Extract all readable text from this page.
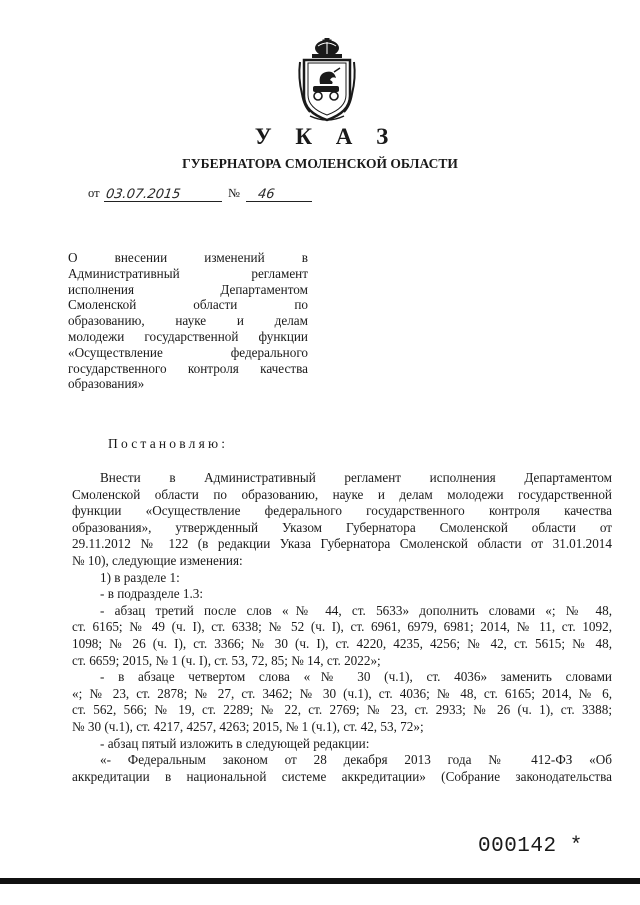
У К А З
ГУБЕРНАТОРА СМОЛЕНСКОЙ ОБЛАСТИ
от 03.07.2015	№ 46
О внесении изменений в
Административный регламент
исполнения Департаментом
Смоленской области по
образованию, науке и делам
молодежи государственной функции
«Осуществление федерального
государственного контроля качества
образования»
Постановляю:
Внести в Административный регламент исполнения Департаментом
Смоленской области по образованию, науке и делам молодежи государственной
функции «Осуществление федерального государственного контроля качества
образования», утвержденный Указом Губернатора Смоленской области от
29.11.2012 № 122 (в редакции Указа Губернатора Смоленской области от 31.01.2014
№ 10), следующие изменения:
1) в разделе 1:
- в подразделе 1.3:
- абзац третий после слов «№ 44, ст. 5633» дополнить словами «; № 48,
ст. 6165; № 49 (ч. I), ст. 6338; № 52 (ч. I), ст. 6961, 6979, 6981; 2014, № 11, ст. 1092,
1098; № 26 (ч. I), ст. 3366; № 30 (ч. I), ст. 4220, 4235, 4256; № 42, ст. 5615; № 48,
ст. 6659; 2015, № 1 (ч. I), ст. 53, 72, 85; № 14, ст. 2022»;
- в абзаце четвертом слова «№ 30 (ч.1), ст. 4036» заменить словами
«; № 23, ст. 2878; № 27, ст. 3462; № 30 (ч.1), ст. 4036; № 48, ст. 6165; 2014, № 6,
ст. 562, 566; № 19, ст. 2289; № 22, ст. 2769; № 23, ст. 2933; № 26 (ч. 1), ст. 3388;
№ 30 (ч.1), ст. 4217, 4257, 4263; 2015, № 1 (ч.1), ст. 42, 53, 72»;
- абзац пятый изложить в следующей редакции:
«- Федеральным законом от 28 декабря 2013 года № 412-ФЗ «Об
аккредитации в национальной системе аккредитации» (Собрание законодательства
000142 *
